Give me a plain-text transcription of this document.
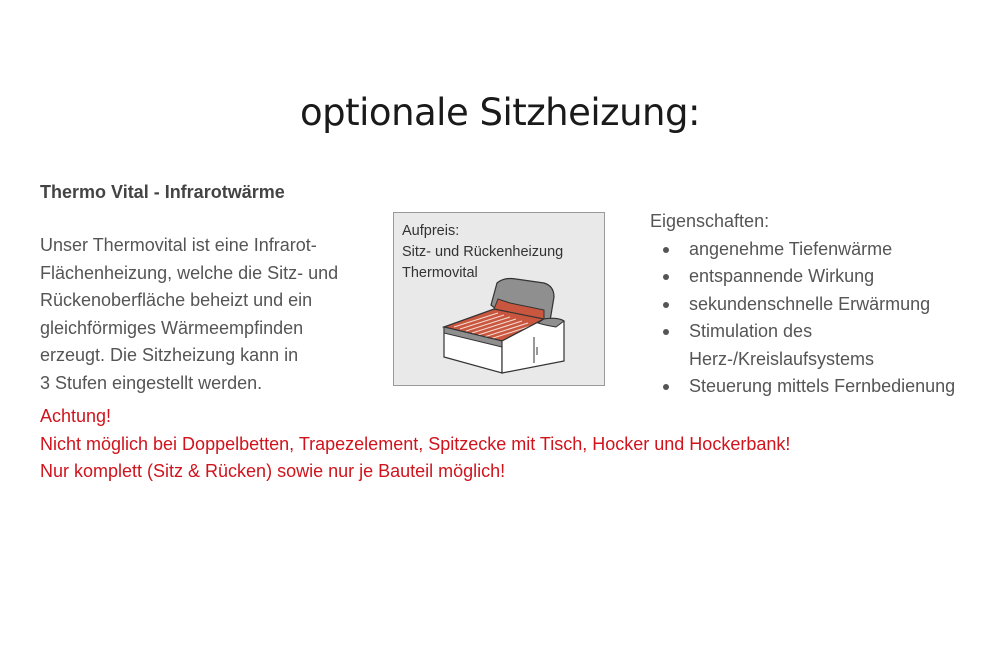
optionale Sitzheizung:
Thermo Vital - Infrarotwärme
Unser Thermovital ist eine Infrarot-
Flächenheizung, welche die Sitz- und
Rückenoberfläche beheizt und ein
gleichförmiges Wärmeempfinden
erzeugt. Die Sitzheizung kann in
3 Stufen eingestellt werden.
Aufpreis:
Sitz- und Rückenheizung
Thermovital
Eigenschaften:
angenehme Tiefenwärme
entspannende Wirkung
sekundenschnelle Erwärmung
Stimulation des
Herz-/Kreislaufsystems
Steuerung mittels Fernbedienung
Achtung!
Nicht möglich bei Doppelbetten, Trapezelement, Spitzecke mit Tisch, Hocker und Hockerbank!
Nur komplett (Sitz & Rücken) sowie nur je Bauteil möglich!
